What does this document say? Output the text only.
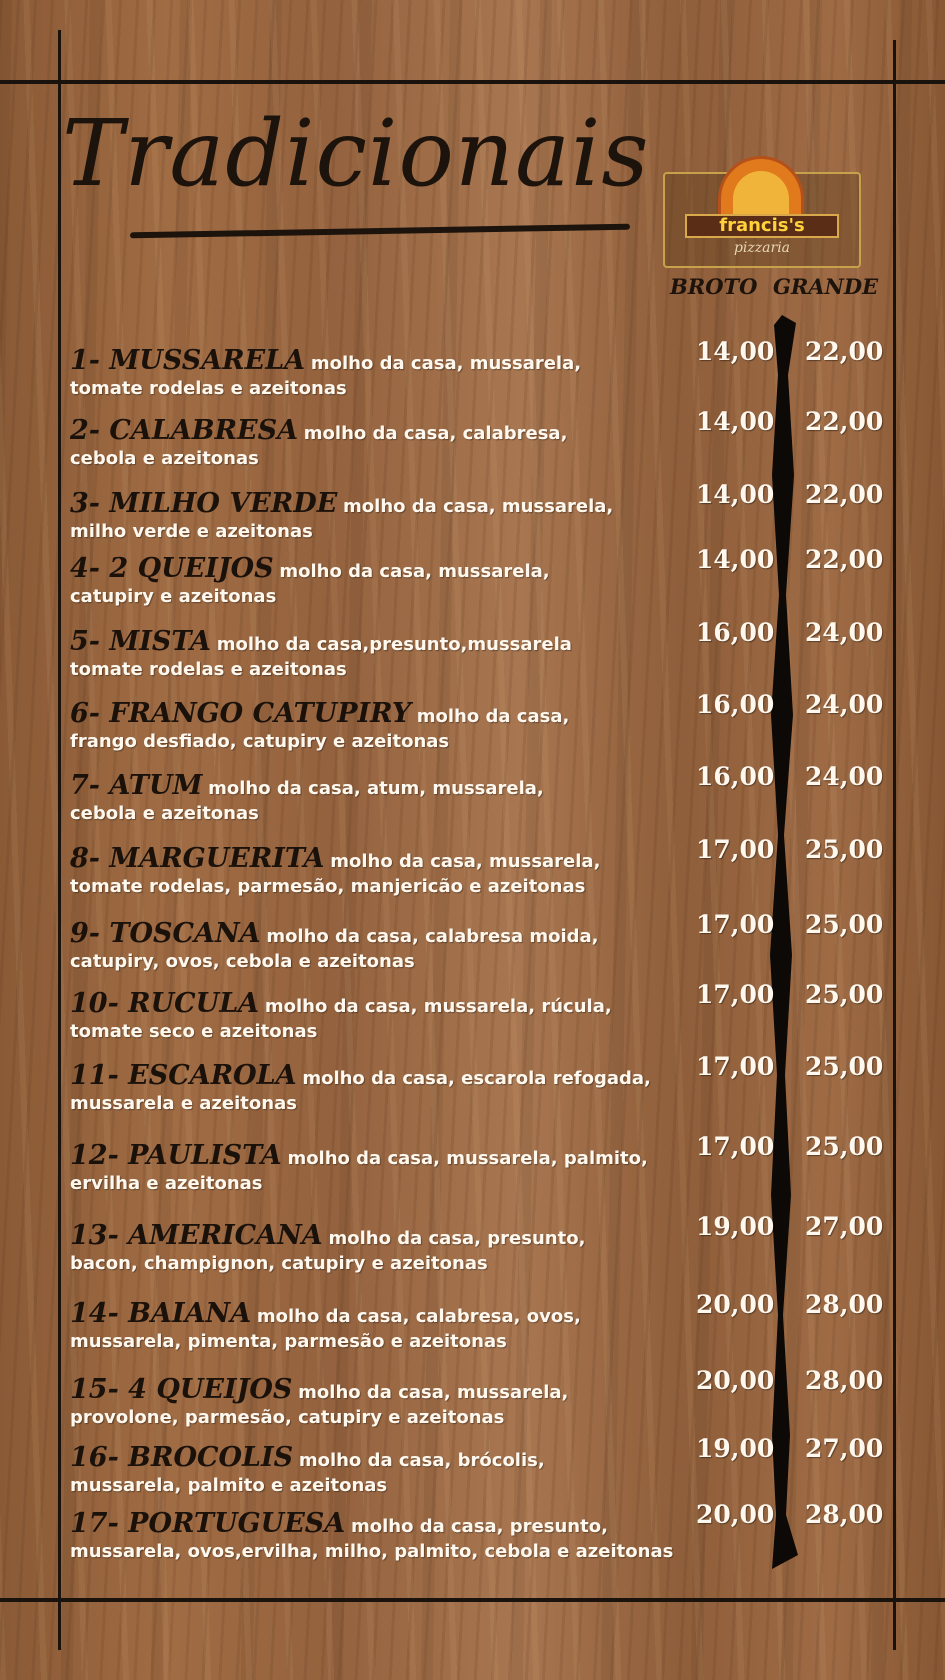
Tradicionais
francis's
pizzaria
BROTO GRANDE
1- MUSSARELA molho da casa, mussarela,
tomate rodelas e azeitonas
14,00 22,00
2- CALABRESA molho da casa, calabresa,
cebola e azeitonas
14,00 22,00
3- MILHO VERDE molho da casa, mussarela,
milho verde e azeitonas
14,00 22,00
4- 2 QUEIJOS molho da casa, mussarela,
catupiry e azeitonas
14,00 22,00
5- MISTA molho da casa,presunto,mussarela
tomate rodelas e azeitonas
16,00 24,00
6- FRANGO CATUPIRY molho da casa,
frango desfiado, catupiry e azeitonas
16,00 24,00
7- ATUM molho da casa, atum, mussarela,
cebola e azeitonas
16,00 24,00
8- MARGUERITA molho da casa, mussarela,
tomate rodelas, parmesão, manjericão e azeitonas
17,00 25,00
9- TOSCANA molho da casa, calabresa moida,
catupiry, ovos, cebola e azeitonas
17,00 25,00
10- RUCULA molho da casa, mussarela, rúcula,
tomate seco e azeitonas
17,00 25,00
11- ESCAROLA molho da casa, escarola refogada,
mussarela e azeitonas
17,00 25,00
12- PAULISTA molho da casa, mussarela, palmito,
ervilha e azeitonas
17,00 25,00
13- AMERICANA molho da casa, presunto,
bacon, champignon, catupiry e azeitonas
19,00 27,00
14- BAIANA molho da casa, calabresa, ovos,
mussarela, pimenta, parmesão e azeitonas
20,00 28,00
15- 4 QUEIJOS molho da casa, mussarela,
provolone, parmesão, catupiry e azeitonas
20,00 28,00
16- BROCOLIS molho da casa, brócolis,
mussarela, palmito e azeitonas
19,00 27,00
17- PORTUGUESA molho da casa, presunto,
mussarela, ovos,ervilha, milho, palmito, cebola e azeitonas
20,00 28,00
